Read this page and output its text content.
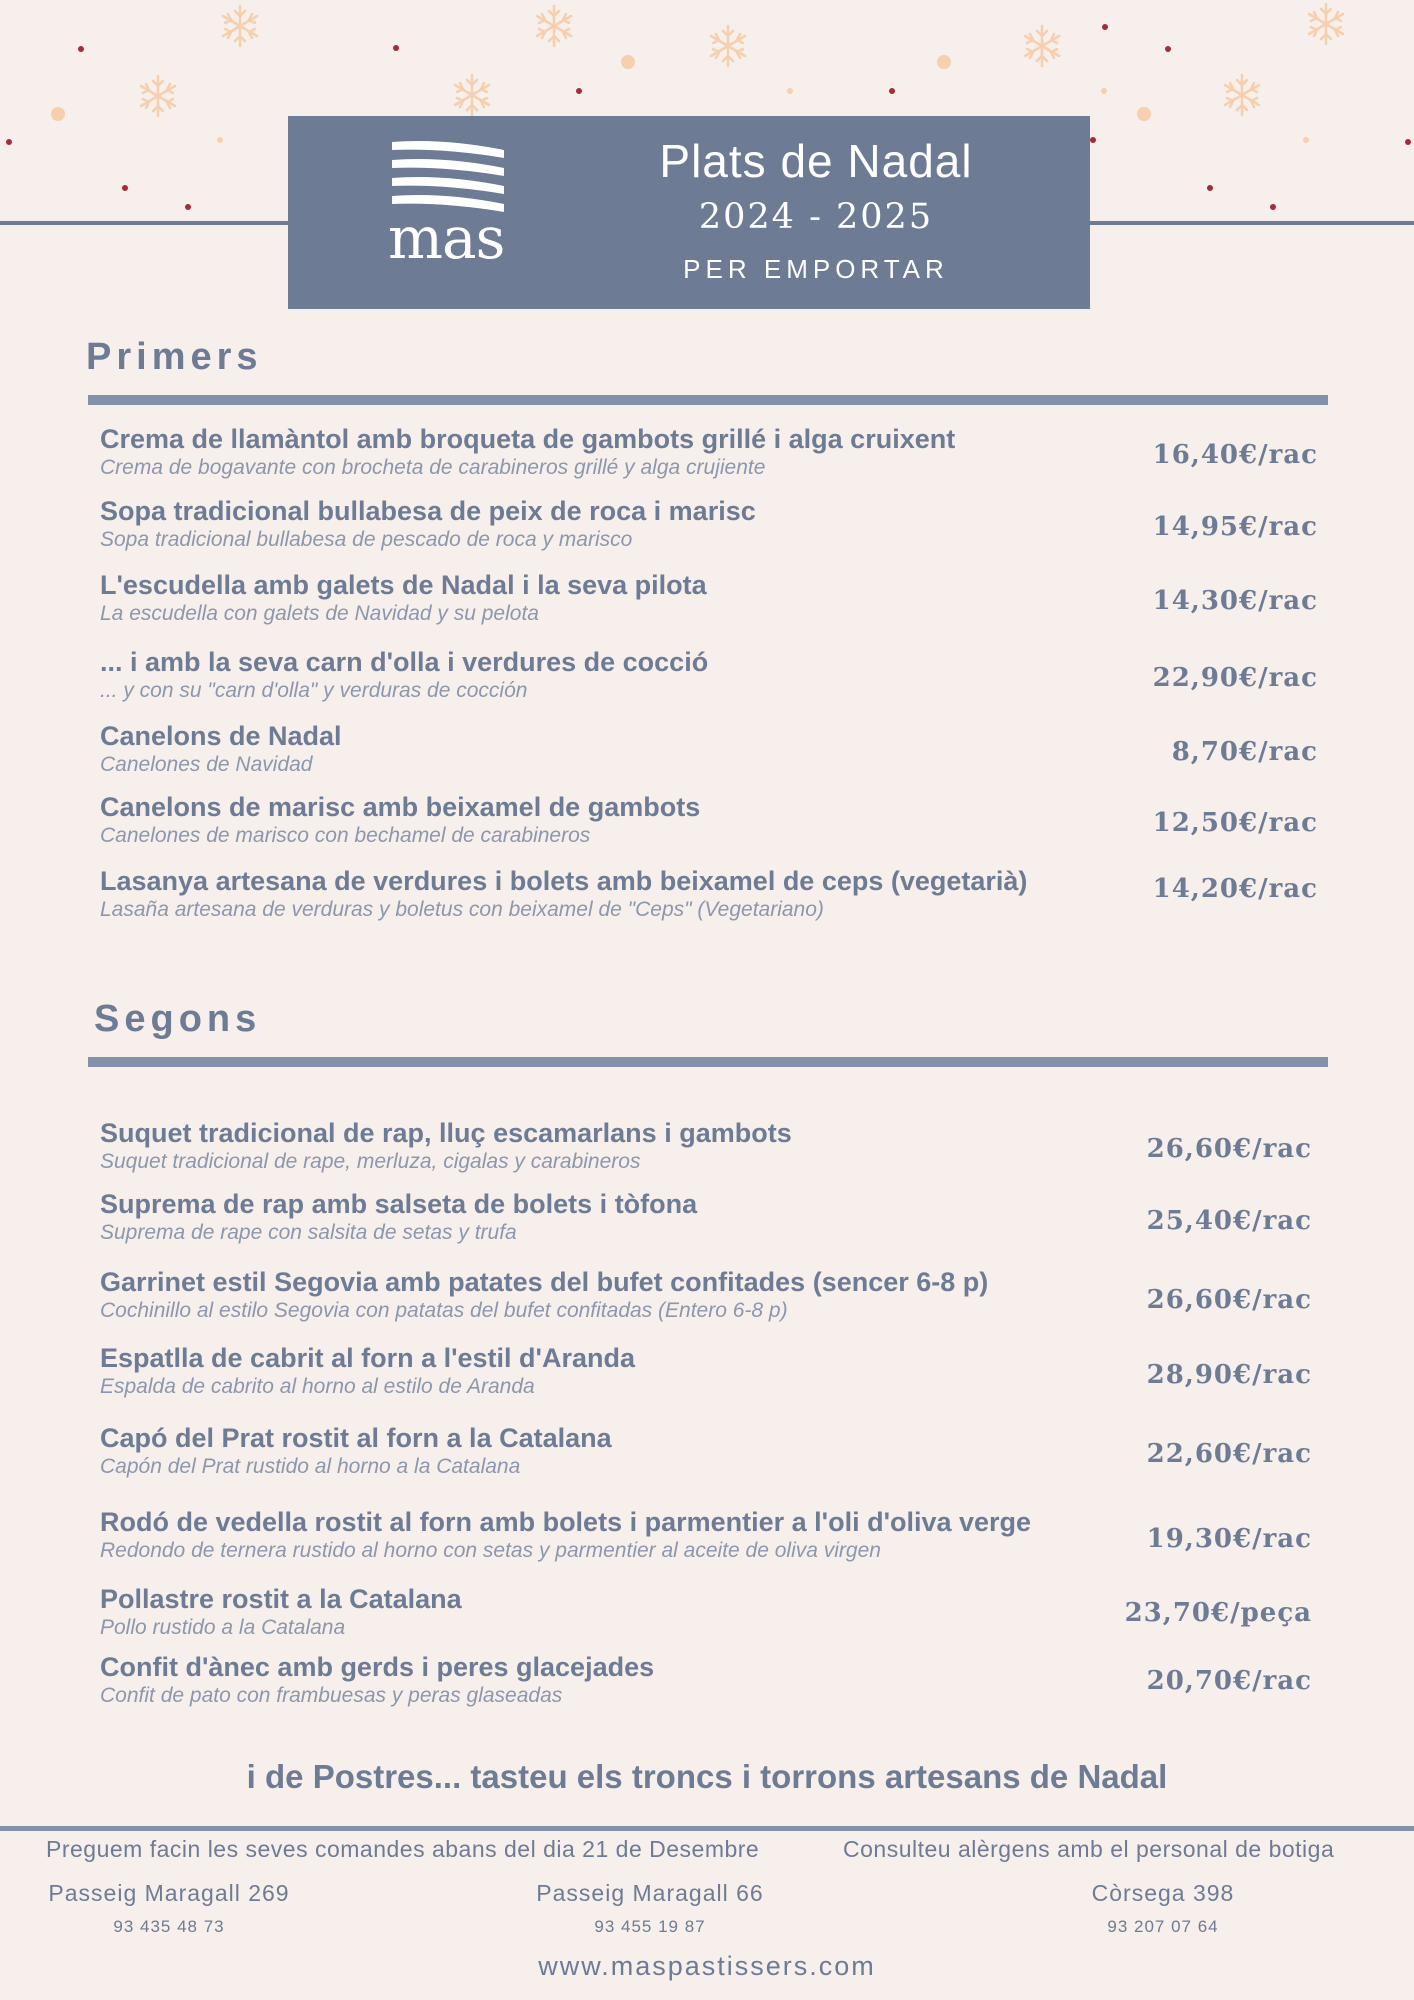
mas
Plats de Nadal
2024 - 2025
PER EMPORTAR
Primers
Crema de llamàntol amb broqueta de gambots grillé i alga cruixent
Crema de bogavante con brocheta de carabineros grillé y alga crujiente	16,40€/rac
Sopa tradicional bullabesa de peix de roca i marisc
Sopa tradicional bullabesa de pescado de roca y marisco	14,95€/rac
L'escudella amb galets de Nadal i la seva pilota
La escudella con galets de Navidad y su pelota	14,30€/rac
... i amb la seva carn d'olla i verdures de cocció
... y con su "carn d'olla" y verduras de cocción	22,90€/rac
Canelons de Nadal
Canelones de Navidad	8,70€/rac
Canelons de marisc amb beixamel de gambots
Canelones de marisco con bechamel de carabineros	12,50€/rac
Lasanya artesana de verdures i bolets amb beixamel de ceps (vegetarià)
Lasaña artesana de verduras y boletus con beixamel de "Ceps" (Vegetariano)
14,20€/rac
Segons
Suquet tradicional de rap, lluç escamarlans i gambots
Suquet tradicional de rape, merluza, cigalas y carabineros	26,60€/rac
Suprema de rap amb salseta de bolets i tòfona
Suprema de rape con salsita de setas y trufa	25,40€/rac
Garrinet estil Segovia amb patates del bufet confitades (sencer 6-8 p)
Cochinillo al estilo Segovia con patatas del bufet confitadas (Entero 6-8 p)	26,60€/rac
Espatlla de cabrit al forn a l'estil d'Aranda
Espalda de cabrito al horno al estilo de Aranda	28,90€/rac
Capó del Prat rostit al forn a la Catalana
Capón del Prat rustido al horno a la Catalana	22,60€/rac
Rodó de vedella rostit al forn amb bolets i parmentier a l'oli d'oliva verge
Redondo de ternera rustido al horno con setas y parmentier al aceite de oliva virgen	19,30€/rac
Pollastre rostit a la Catalana
Pollo rustido a la Catalana	23,70€/peça
Confit d'ànec amb gerds i peres glacejades
Confit de pato con frambuesas y peras glaseadas	20,70€/rac
i de Postres... tasteu els troncs i torrons artesans de Nadal
Preguem facin les seves comandes abans del dia 21 de Desembre	Consulteu alèrgens amb el personal de botiga
Passeig Maragall 269
93 435 48 73
Passeig Maragall 66
93 455 19 87
Còrsega 398
93 207 07 64
www.maspastissers.com
